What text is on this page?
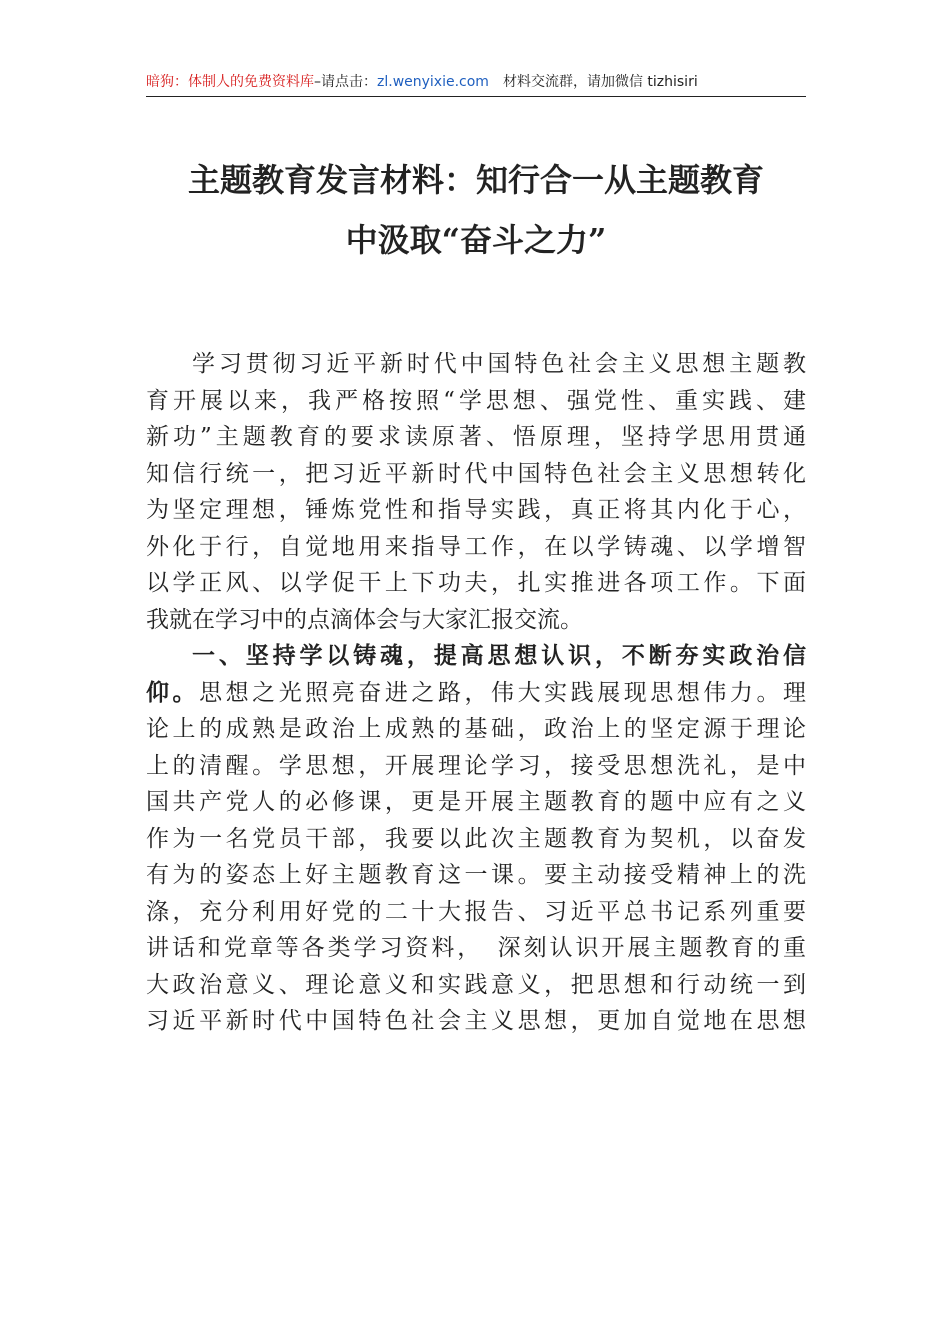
暗狗：体制人的免费资料库–请点击：zl.wenyixie.com 材料交流群，请加微信 tizhisiri
主题教育发言材料：知行合一从主题教育
中汲取“奋斗之力”
学习贯彻习近平新时代中国特色社会主义思想主题教
育开展以来，我严格按照“学思想、强党性、重实践、建
新功”主题教育的要求读原著、悟原理，坚持学思用贯通
知信行统一，把习近平新时代中国特色社会主义思想转化
为坚定理想，锤炼党性和指导实践，真正将其内化于心，
外化于行，自觉地用来指导工作，在以学铸魂、以学增智
以学正风、以学促干上下功夫，扎实推进各项工作。下面
我就在学习中的点滴体会与大家汇报交流。
一、坚持学以铸魂，提高思想认识，不断夯实政治信
仰。思想之光照亮奋进之路，伟大实践展现思想伟力。理
论上的成熟是政治上成熟的基础，政治上的坚定源于理论
上的清醒。学思想，开展理论学习，接受思想洗礼，是中
国共产党人的必修课，更是开展主题教育的题中应有之义
作为一名党员干部，我要以此次主题教育为契机，以奋发
有为的姿态上好主题教育这一课。要主动接受精神上的洗
涤，充分利用好党的二十大报告、习近平总书记系列重要
讲话和党章等各类学习资料，　深刻认识开展主题教育的重
大政治意义、理论意义和实践意义，把思想和行动统一到
习近平新时代中国特色社会主义思想，更加自觉地在思想
